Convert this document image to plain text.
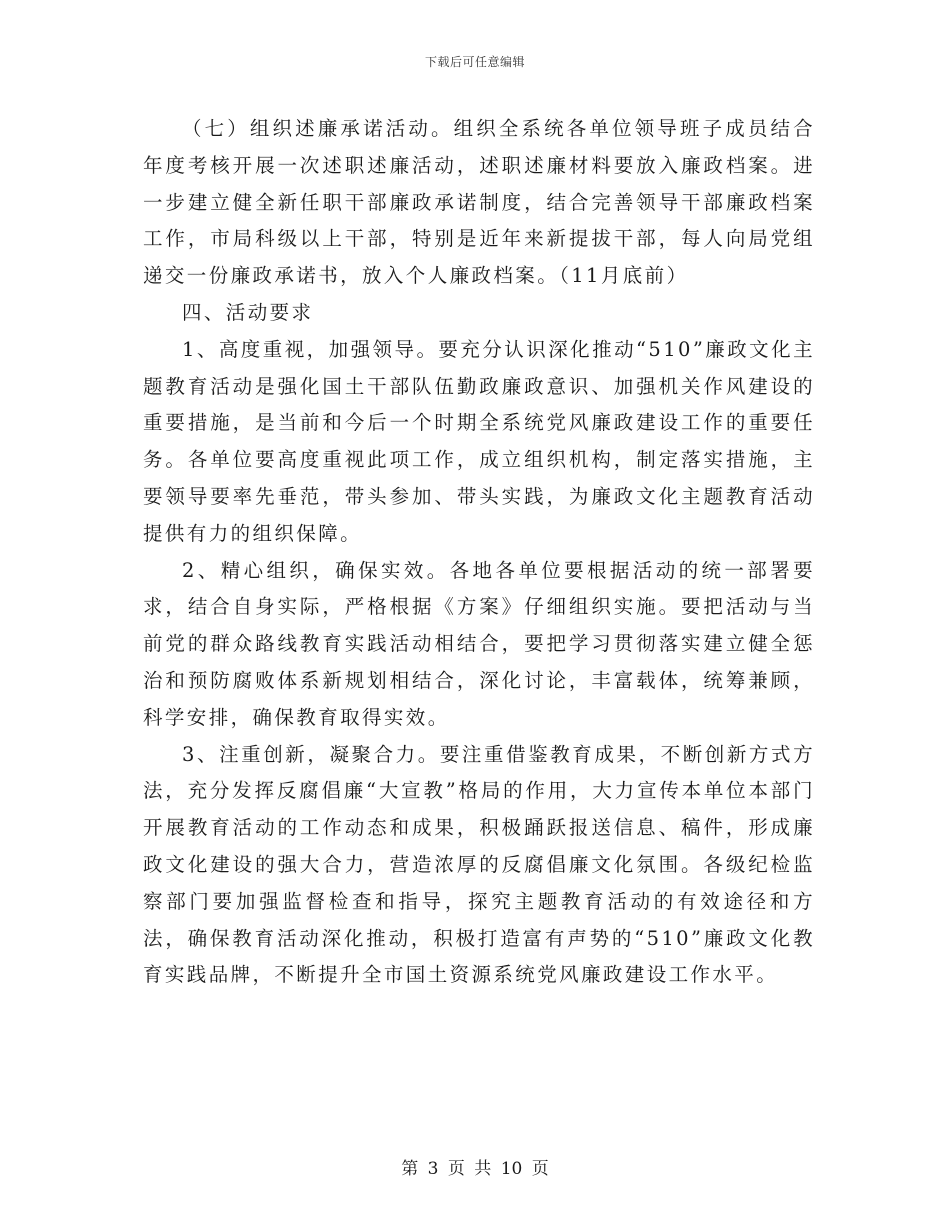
下载后可任意编辑

（七）组织述廉承诺活动。组织全系统各单位领导班子成员结合年度考核开展一次述职述廉活动，述职述廉材料要放入廉政档案。进一步建立健全新任职干部廉政承诺制度，结合完善领导干部廉政档案工作，市局科级以上干部，特别是近年来新提拔干部，每人向局党组递交一份廉政承诺书，放入个人廉政档案。（11月底前）

四、活动要求

1、高度重视，加强领导。要充分认识深化推动“510”廉政文化主题教育活动是强化国土干部队伍勤政廉政意识、加强机关作风建设的重要措施，是当前和今后一个时期全系统党风廉政建设工作的重要任务。各单位要高度重视此项工作，成立组织机构，制定落实措施，主要领导要率先垂范，带头参加、带头实践，为廉政文化主题教育活动提供有力的组织保障。

2、精心组织，确保实效。各地各单位要根据活动的统一部署要求，结合自身实际，严格根据《方案》仔细组织实施。要把活动与当前党的群众路线教育实践活动相结合，要把学习贯彻落实建立健全惩治和预防腐败体系新规划相结合，深化讨论，丰富载体，统筹兼顾，科学安排，确保教育取得实效。

3、注重创新，凝聚合力。要注重借鉴教育成果，不断创新方式方法，充分发挥反腐倡廉“大宣教”格局的作用，大力宣传本单位本部门开展教育活动的工作动态和成果，积极踊跃报送信息、稿件，形成廉政文化建设的强大合力，营造浓厚的反腐倡廉文化氛围。各级纪检监察部门要加强监督检查和指导，探究主题教育活动的有效途径和方法，确保教育活动深化推动，积极打造富有声势的“510”廉政文化教育实践品牌，不断提升全市国土资源系统党风廉政建设工作水平。

第 3 页 共 10 页
